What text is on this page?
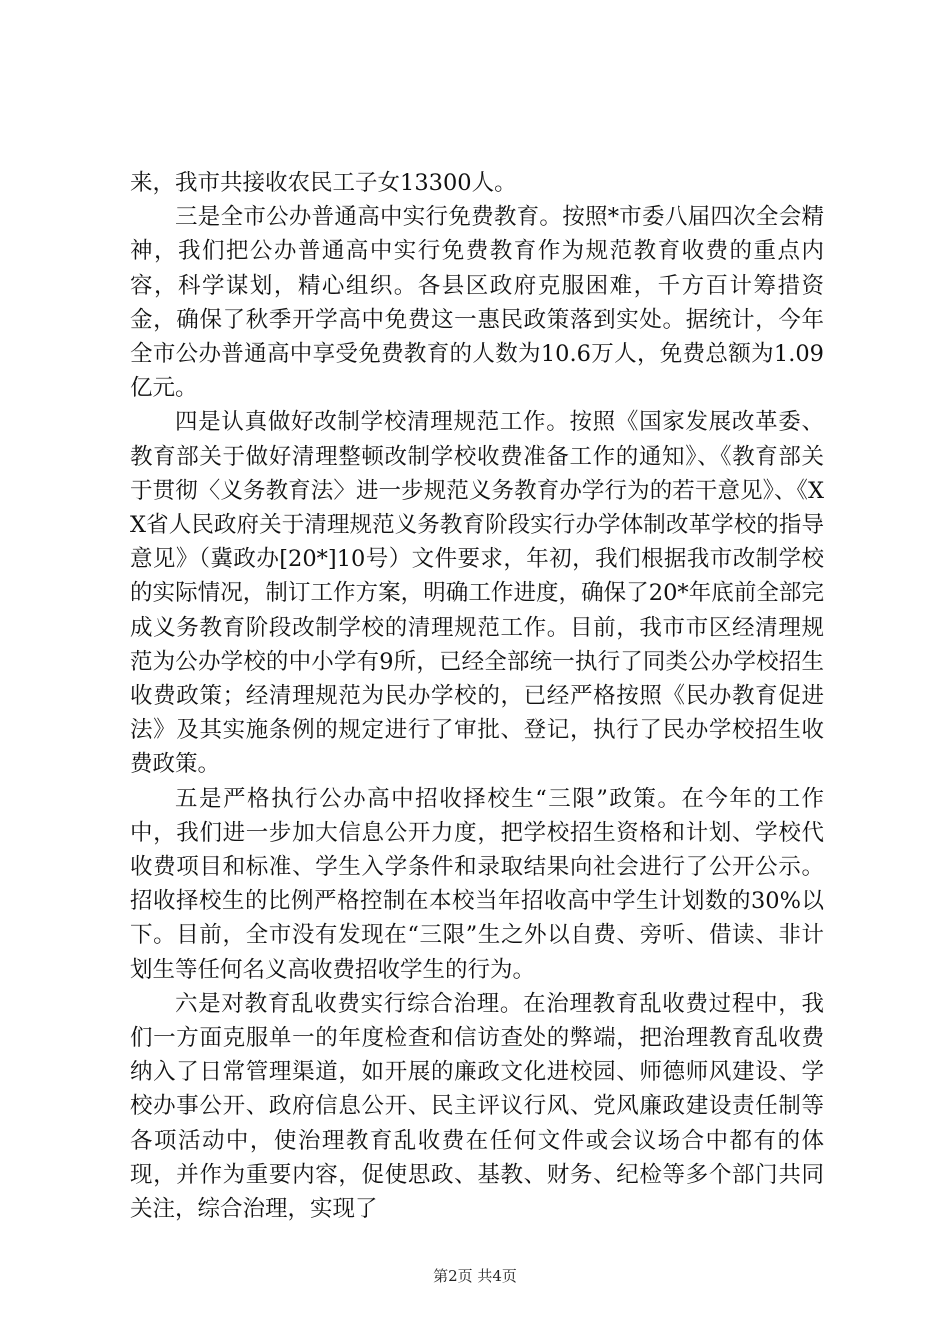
来，我市共接收农民工子女13300人。

三是全市公办普通高中实行免费教育。按照*市委八届四次全会精神，我们把公办普通高中实行免费教育作为规范教育收费的重点内容，科学谋划，精心组织。各县区政府克服困难，千方百计筹措资金，确保了秋季开学高中免费这一惠民政策落到实处。据统计，今年全市公办普通高中享受免费教育的人数为10.6万人，免费总额为1.09亿元。

四是认真做好改制学校清理规范工作。按照《国家发展改革委、教育部关于做好清理整顿改制学校收费准备工作的通知》、《教育部关于贯彻〈义务教育法〉进一步规范义务教育办学行为的若干意见》、《XX省人民政府关于清理规范义务教育阶段实行办学体制改革学校的指导意见》（冀政办[20*]10号）文件要求，年初，我们根据我市改制学校的实际情况，制订工作方案，明确工作进度，确保了20*年底前全部完成义务教育阶段改制学校的清理规范工作。目前，我市市区经清理规范为公办学校的中小学有9所，已经全部统一执行了同类公办学校招生收费政策；经清理规范为民办学校的，已经严格按照《民办教育促进法》及其实施条例的规定进行了审批、登记，执行了民办学校招生收费政策。

五是严格执行公办高中招收择校生“三限”政策。在今年的工作中，我们进一步加大信息公开力度，把学校招生资格和计划、学校代收费项目和标准、学生入学条件和录取结果向社会进行了公开公示。招收择校生的比例严格控制在本校当年招收高中学生计划数的30%以下。目前，全市没有发现在“三限”生之外以自费、旁听、借读、非计划生等任何名义高收费招收学生的行为。

六是对教育乱收费实行综合治理。在治理教育乱收费过程中，我们一方面克服单一的年度检查和信访查处的弊端，把治理教育乱收费纳入了日常管理渠道，如开展的廉政文化进校园、师德师风建设、学校办事公开、政府信息公开、民主评议行风、党风廉政建设责任制等各项活动中，使治理教育乱收费在任何文件或会议场合中都有的体现，并作为重要内容，促使思政、基教、财务、纪检等多个部门共同关注，综合治理，实现了

第2页 共4页
